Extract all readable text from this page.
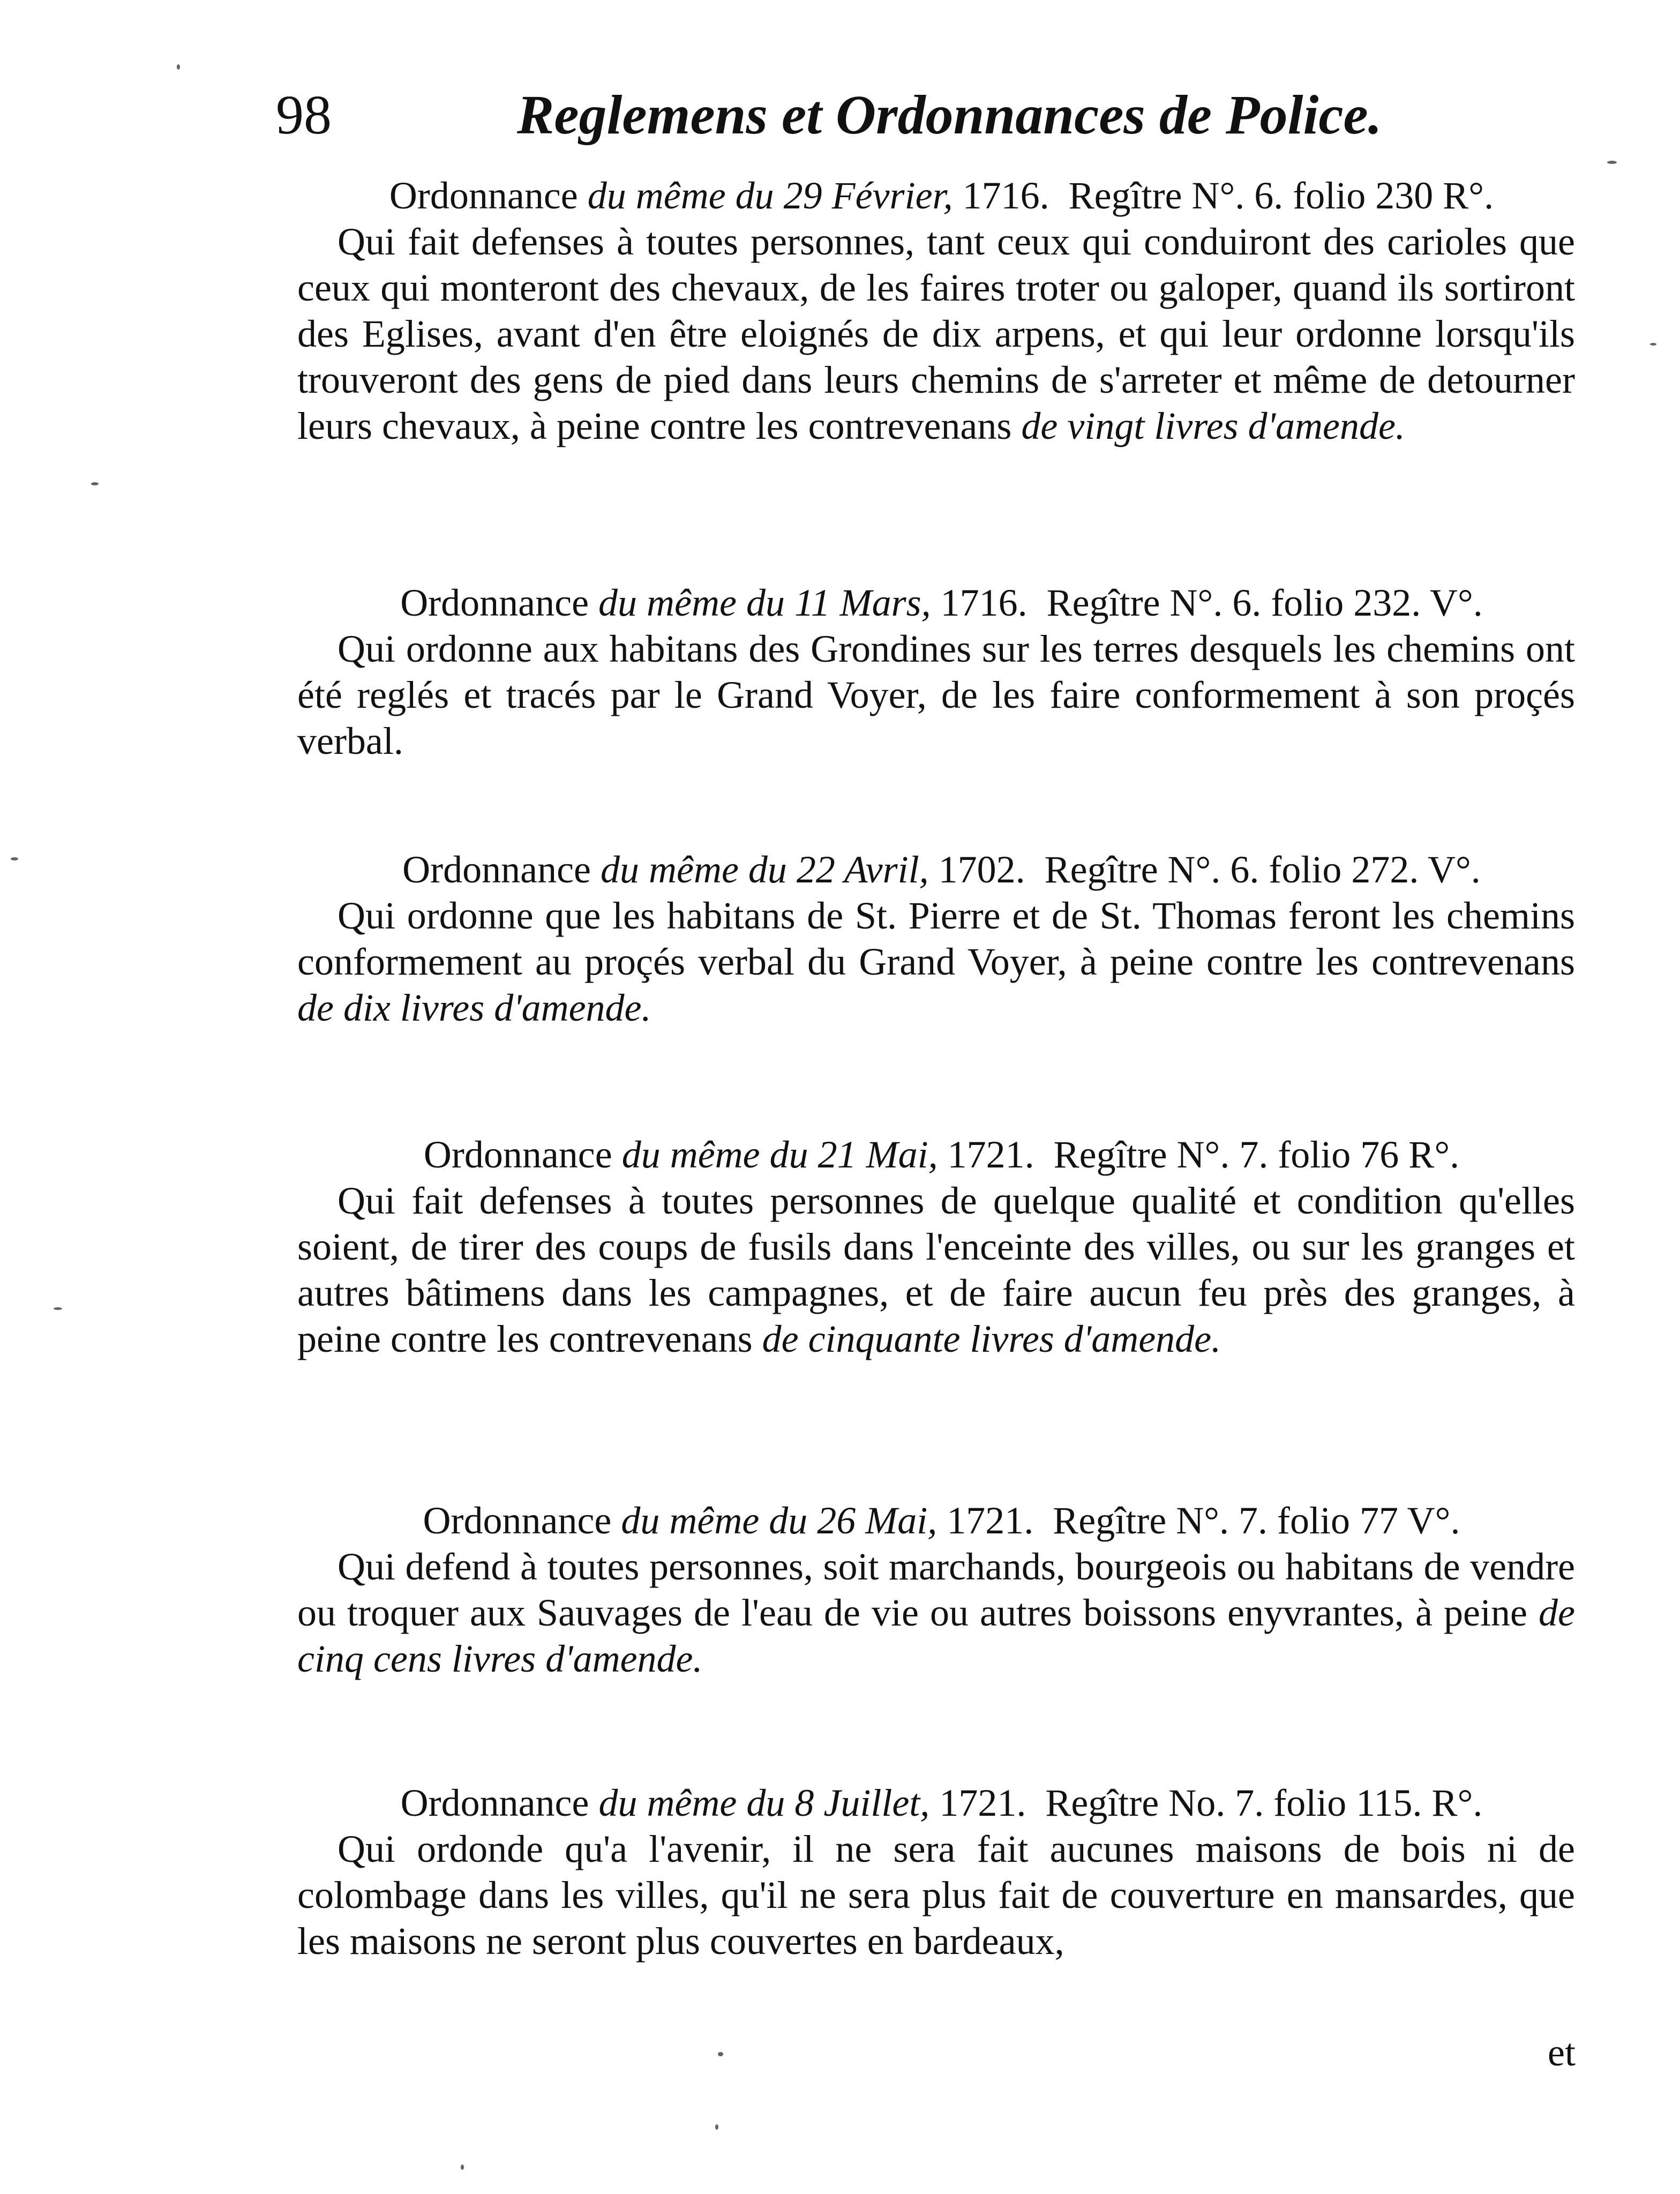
98	Reglemens et Ordonnances de Police.

Ordonnance du même du 29 Février, 1716. Regître N°. 6. folio 230 R°.

Qui fait defenses à toutes personnes, tant ceux qui conduiront des carioles que ceux qui monteront des chevaux, de les faires troter ou galoper, quand ils sortiront des Eglises, avant d'en être eloignés de dix arpens, et qui leur ordonne lorsqu'ils trouveront des gens de pied dans leurs chemins de s'arreter et même de detourner leurs chevaux, à peine contre les contrevenans de vingt livres d'amende.

Ordonnance du même du 11 Mars, 1716. Regître N°. 6. folio 232. V°.

Qui ordonne aux habitans des Grondines sur les terres desquels les chemins ont été reglés et tracés par le Grand Voyer, de les faire conformement à son proçés verbal.

Ordonnance du même du 22 Avril, 1702. Regître N°. 6. folio 272. V°.

Qui ordonne que les habitans de St. Pierre et de St. Thomas feront les chemins conformement au proçés verbal du Grand Voyer, à peine contre les contrevenans de dix livres d'amende.

Ordonnance du même du 21 Mai, 1721. Regître N°. 7. folio 76 R°.

Qui fait defenses à toutes personnes de quelque qualité et condition qu'elles soient, de tirer des coups de fusils dans l'enceinte des villes, ou sur les granges et autres bâtimens dans les campagnes, et de faire aucun feu près des granges, à peine contre les contrevenans de cinquante livres d'amende.

Ordonnance du même du 26 Mai, 1721. Regître N°. 7. folio 77 V°.

Qui defend à toutes personnes, soit marchands, bourgeois ou habitans de vendre ou troquer aux Sauvages de l'eau de vie ou autres boissons enyvrantes, à peine de cinq cens livres d'amende.

Ordonnance du même du 8 Juillet, 1721. Regître No. 7. folio 115. R°.

Qui ordonde qu'a l'avenir, il ne sera fait aucunes maisons de bois ni de colombage dans les villes, qu'il ne sera plus fait de couverture en mansardes, que les maisons ne seront plus couvertes en bardeaux,

et
